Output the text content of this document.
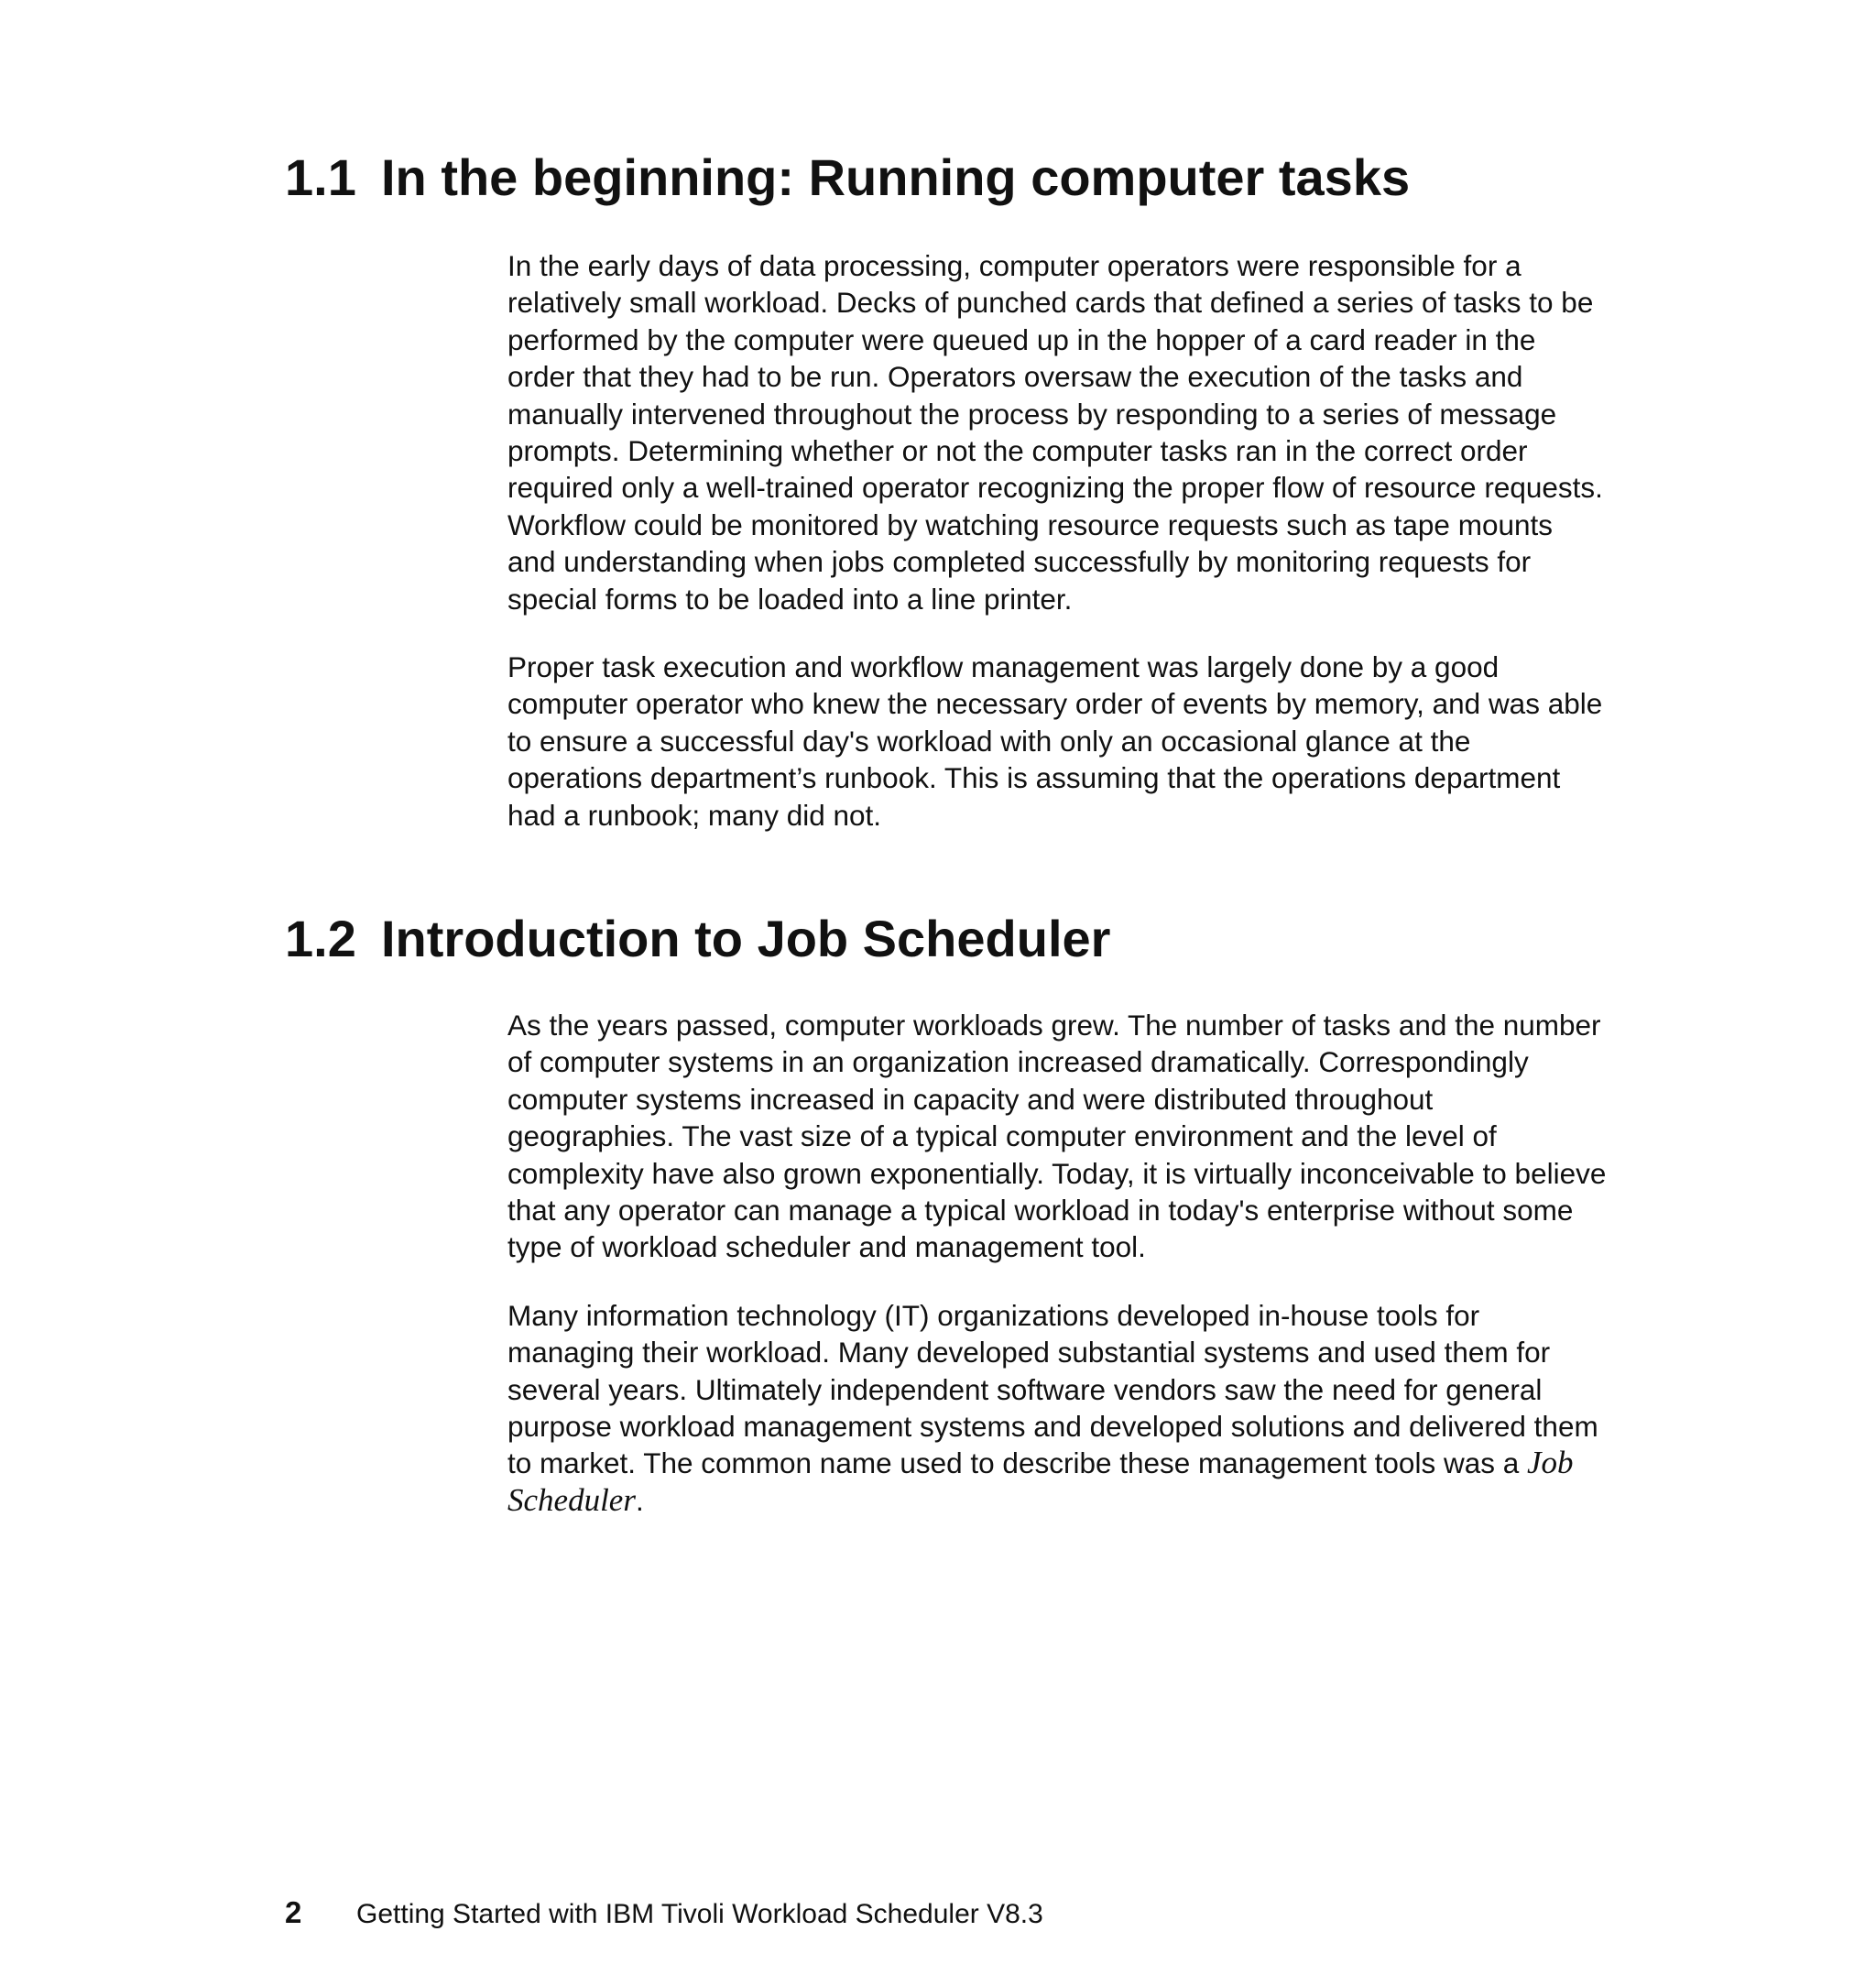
1.1 In the beginning: Running computer tasks

In the early days of data processing, computer operators were responsible for a relatively small workload. Decks of punched cards that defined a series of tasks to be performed by the computer were queued up in the hopper of a card reader in the order that they had to be run. Operators oversaw the execution of the tasks and manually intervened throughout the process by responding to a series of message prompts. Determining whether or not the computer tasks ran in the correct order required only a well-trained operator recognizing the proper flow of resource requests. Workflow could be monitored by watching resource requests such as tape mounts and understanding when jobs completed successfully by monitoring requests for special forms to be loaded into a line printer.

Proper task execution and workflow management was largely done by a good computer operator who knew the necessary order of events by memory, and was able to ensure a successful day's workload with only an occasional glance at the operations department’s runbook. This is assuming that the operations department had a runbook; many did not.

1.2 Introduction to Job Scheduler

As the years passed, computer workloads grew. The number of tasks and the number of computer systems in an organization increased dramatically. Correspondingly computer systems increased in capacity and were distributed throughout geographies. The vast size of a typical computer environment and the level of complexity have also grown exponentially. Today, it is virtually inconceivable to believe that any operator can manage a typical workload in today's enterprise without some type of workload scheduler and management tool.

Many information technology (IT) organizations developed in-house tools for managing their workload. Many developed substantial systems and used them for several years. Ultimately independent software vendors saw the need for general purpose workload management systems and developed solutions and delivered them to market. The common name used to describe these management tools was a Job Scheduler.

2 Getting Started with IBM Tivoli Workload Scheduler V8.3
